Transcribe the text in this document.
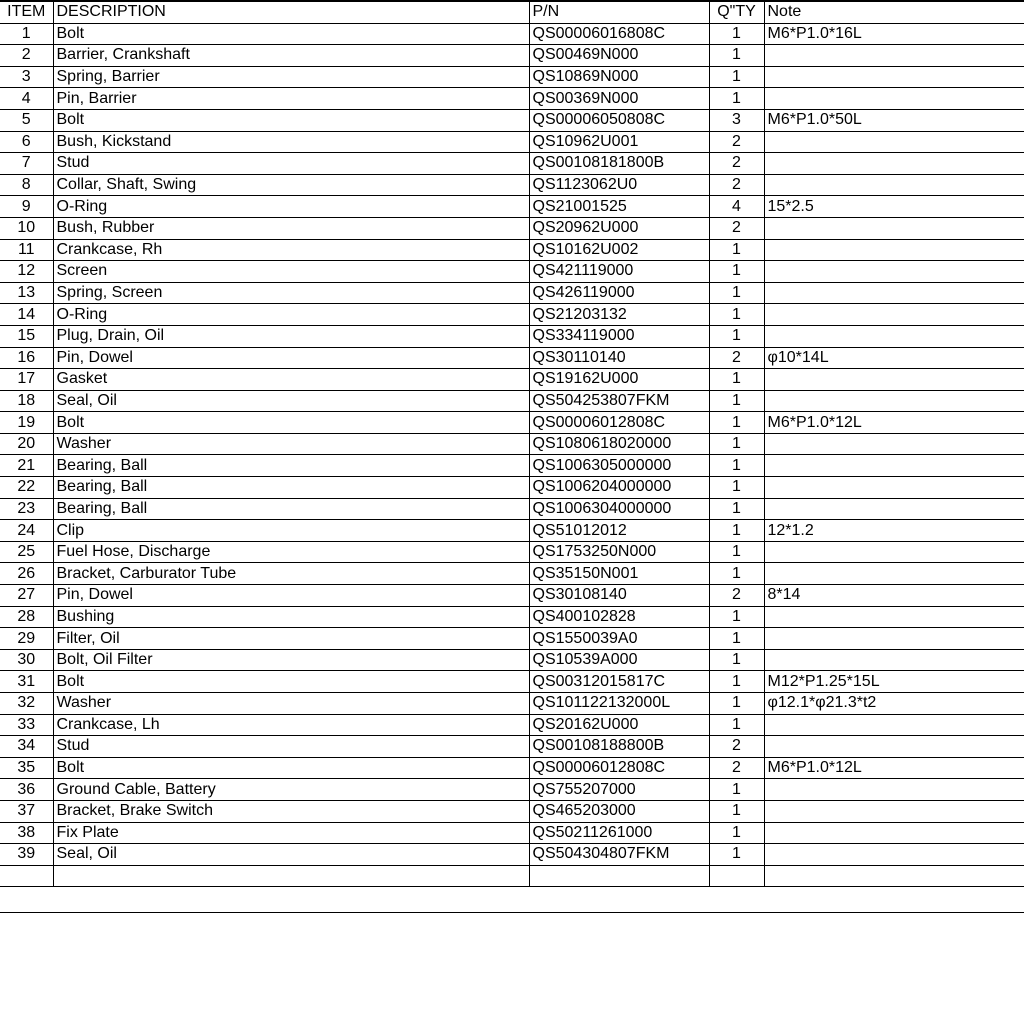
ITEM	DESCRIPTION	P/N	Q"TY	Note
1	Bolt	QS00006016808C	1	M6*P1.0*16L
2	Barrier, Crankshaft	QS00469N000	1	
3	Spring, Barrier	QS10869N000	1	
4	Pin, Barrier	QS00369N000	1	
5	Bolt	QS00006050808C	3	M6*P1.0*50L
6	Bush, Kickstand	QS10962U001	2	
7	Stud	QS00108181800B	2	
8	Collar, Shaft, Swing	QS1123062U0	2	
9	O-Ring	QS21001525	4	15*2.5
10	Bush, Rubber	QS20962U000	2	
11	Crankcase, Rh	QS10162U002	1	
12	Screen	QS421119000	1	
13	Spring, Screen	QS426119000	1	
14	O-Ring	QS21203132	1	
15	Plug, Drain, Oil	QS334119000	1	
16	Pin, Dowel	QS30110140	2	φ10*14L
17	Gasket	QS19162U000	1	
18	Seal, Oil	QS504253807FKM	1	
19	Bolt	QS00006012808C	1	M6*P1.0*12L
20	Washer	QS1080618020000	1	
21	Bearing, Ball	QS1006305000000	1	
22	Bearing, Ball	QS1006204000000	1	
23	Bearing, Ball	QS1006304000000	1	
24	Clip	QS51012012	1	12*1.2
25	Fuel Hose, Discharge	QS1753250N000	1	
26	Bracket, Carburator Tube	QS35150N001	1	
27	Pin, Dowel	QS30108140	2	8*14
28	Bushing	QS400102828	1	
29	Filter, Oil	QS1550039A0	1	
30	Bolt, Oil Filter	QS10539A000	1	
31	Bolt	QS00312015817C	1	M12*P1.25*15L
32	Washer	QS101122132000L	1	φ12.1*φ21.3*t2
33	Crankcase, Lh	QS20162U000	1	
34	Stud	QS00108188800B	2	
35	Bolt	QS00006012808C	2	M6*P1.0*12L
36	Ground Cable, Battery	QS755207000	1	
37	Bracket, Brake Switch	QS465203000	1	
38	Fix Plate	QS50211261000	1	
39	Seal, Oil	QS504304807FKM	1	
